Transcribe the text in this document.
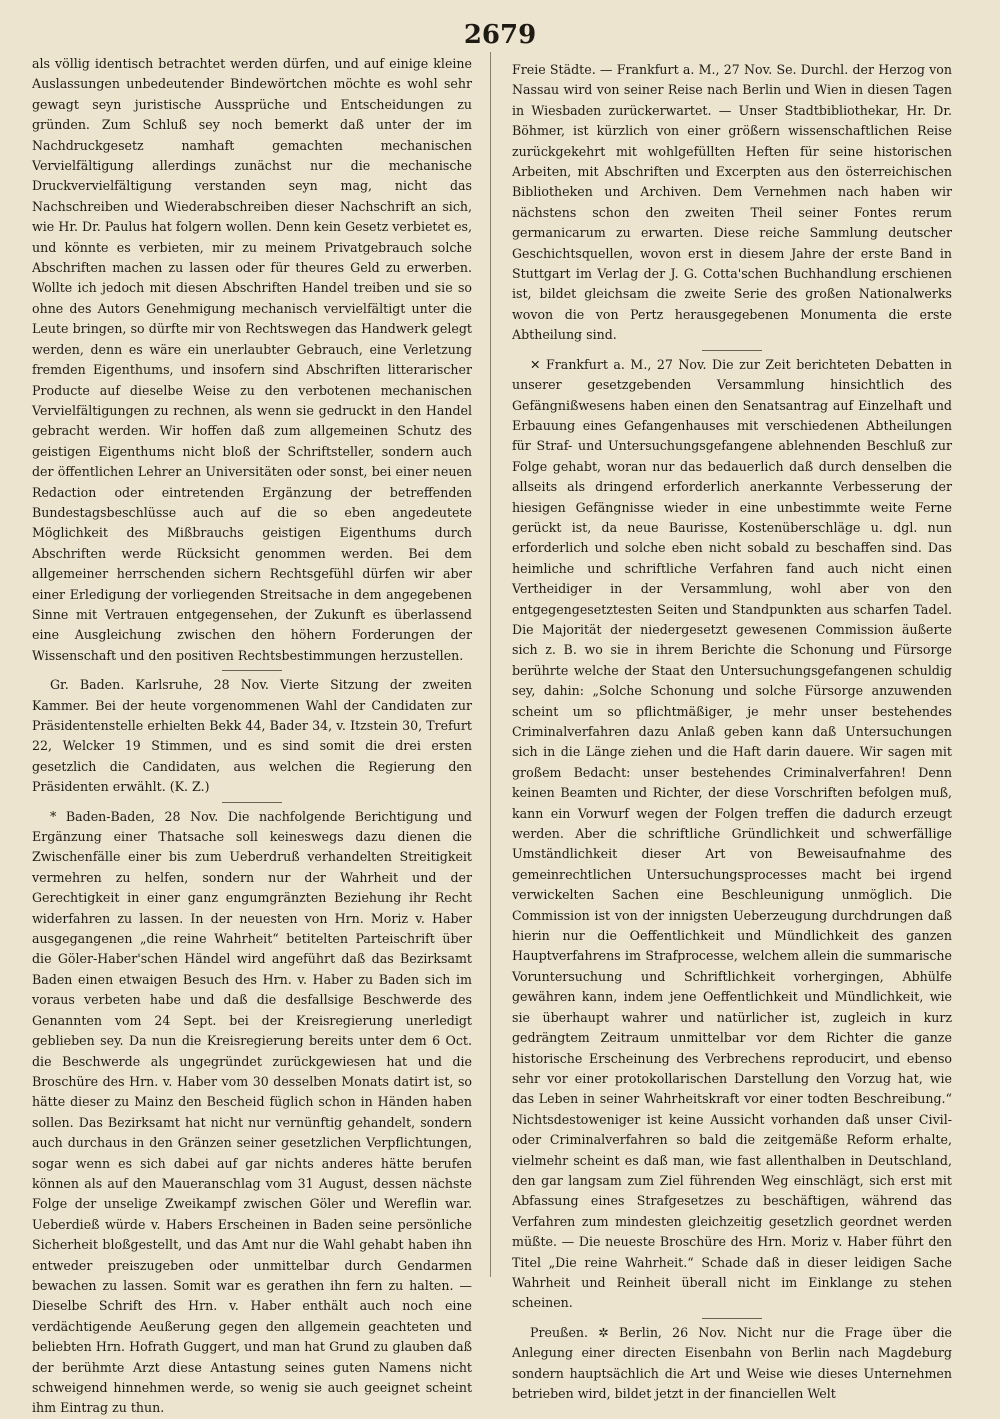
2679

als völlig identisch betrachtet werden dürfen, und auf einige kleine Auslassungen unbedeutender Bindewörtchen möchte es wohl sehr gewagt seyn juristische Aussprüche und Entscheidungen zu gründen. Zum Schluß sey noch bemerkt daß unter der im Nachdruckgesetz namhaft gemachten mechanischen Vervielfältigung allerdings zunächst nur die mechanische Druckvervielfältigung verstanden seyn mag, nicht das Nachschreiben und Wiederabschreiben dieser Nachschrift an sich, wie Hr. Dr. Paulus hat folgern wollen. Denn kein Gesetz verbietet es, und könnte es verbieten, mir zu meinem Privatgebrauch solche Abschriften machen zu lassen oder für theures Geld zu erwerben. Wollte ich jedoch mit diesen Abschriften Handel treiben und sie so ohne des Autors Genehmigung mechanisch vervielfältigt unter die Leute bringen, so dürfte mir von Rechtswegen das Handwerk gelegt werden, denn es wäre ein unerlaubter Gebrauch, eine Verletzung fremden Eigenthums, und insofern sind Abschriften litterarischer Producte auf dieselbe Weise zu den verbotenen mechanischen Vervielfältigungen zu rechnen, als wenn sie gedruckt in den Handel gebracht werden. Wir hoffen daß zum allgemeinen Schutz des geistigen Eigenthums nicht bloß der Schriftsteller, sondern auch der öffentlichen Lehrer an Universitäten oder sonst, bei einer neuen Redaction oder eintretenden Ergänzung der betreffenden Bundestagsbeschlüsse auch auf die so eben angedeutete Möglichkeit des Mißbrauchs geistigen Eigenthums durch Abschriften werde Rücksicht genommen werden. Bei dem allgemeiner herrschenden sichern Rechtsgefühl dürfen wir aber einer Erledigung der vorliegenden Streitsache in dem angegebenen Sinne mit Vertrauen entgegensehen, der Zukunft es überlassend eine Ausgleichung zwischen den höhern Forderungen der Wissenschaft und den positiven Rechtsbestimmungen herzustellen.

Gr. Baden. Karlsruhe, 28 Nov. Vierte Sitzung der zweiten Kammer. Bei der heute vorgenommenen Wahl der Candidaten zur Präsidentenstelle erhielten Bekk 44, Bader 34, v. Itzstein 30, Trefurt 22, Welcker 19 Stimmen, und es sind somit die drei ersten gesetzlich die Candidaten, aus welchen die Regierung den Präsidenten erwählt. (K. Z.)

* Baden-Baden, 28 Nov. Die nachfolgende Berichtigung und Ergänzung einer Thatsache soll keineswegs dazu dienen die Zwischenfälle einer bis zum Ueberdruß verhandelten Streitigkeit vermehren zu helfen, sondern nur der Wahrheit und der Gerechtigkeit in einer ganz engumgränzten Beziehung ihr Recht widerfahren zu lassen. In der neuesten von Hrn. Moriz v. Haber ausgegangenen „die reine Wahrheit“ betitelten Parteischrift über die Göler-Haber'schen Händel wird angeführt daß das Bezirksamt Baden einen etwaigen Besuch des Hrn. v. Haber zu Baden sich im voraus verbeten habe und daß die desfallsige Beschwerde des Genannten vom 24 Sept. bei der Kreisregierung unerledigt geblieben sey. Da nun die Kreisregierung bereits unter dem 6 Oct. die Beschwerde als ungegründet zurückgewiesen hat und die Broschüre des Hrn. v. Haber vom 30 desselben Monats datirt ist, so hätte dieser zu Mainz den Bescheid füglich schon in Händen haben sollen. Das Bezirksamt hat nicht nur vernünftig gehandelt, sondern auch durchaus in den Gränzen seiner gesetzlichen Verpflichtungen, sogar wenn es sich dabei auf gar nichts anderes hätte berufen können als auf den Maueranschlag vom 31 August, dessen nächste Folge der unselige Zweikampf zwischen Göler und Wereflin war. Ueberdieß würde v. Habers Erscheinen in Baden seine persönliche Sicherheit bloßgestellt, und das Amt nur die Wahl gehabt haben ihn entweder preiszugeben oder unmittelbar durch Gendarmen bewachen zu lassen. Somit war es gerathen ihn fern zu halten. — Dieselbe Schrift des Hrn. v. Haber enthält auch noch eine verdächtigende Aeußerung gegen den allgemein geachteten und beliebten Hrn. Hofrath Guggert, und man hat Grund zu glauben daß der berühmte Arzt diese Antastung seines guten Namens nicht schweigend hinnehmen werde, so wenig sie auch geeignet scheint ihm Eintrag zu thun.

Freie Städte. — Frankfurt a. M., 27 Nov. Se. Durchl. der Herzog von Nassau wird von seiner Reise nach Berlin und Wien in diesen Tagen in Wiesbaden zurückerwartet. — Unser Stadtbibliothekar, Hr. Dr. Böhmer, ist kürzlich von einer größern wissenschaftlichen Reise zurückgekehrt mit wohlgefüllten Heften für seine historischen Arbeiten, mit Abschriften und Excerpten aus den österreichischen Bibliotheken und Archiven. Dem Vernehmen nach haben wir nächstens schon den zweiten Theil seiner Fontes rerum germanicarum zu erwarten. Diese reiche Sammlung deutscher Geschichtsquellen, wovon erst in diesem Jahre der erste Band in Stuttgart im Verlag der J. G. Cotta'schen Buchhandlung erschienen ist, bildet gleichsam die zweite Serie des großen Nationalwerks wovon die von Pertz herausgegebenen Monumenta die erste Abtheilung sind.

✕ Frankfurt a. M., 27 Nov. Die zur Zeit berichteten Debatten in unserer gesetzgebenden Versammlung hinsichtlich des Gefängnißwesens haben einen den Senatsantrag auf Einzelhaft und Erbauung eines Gefangenhauses mit verschiedenen Abtheilungen für Straf- und Untersuchungsgefangene ablehnenden Beschluß zur Folge gehabt, woran nur das bedauerlich daß durch denselben die allseits als dringend erforderlich anerkannte Verbesserung der hiesigen Gefängnisse wieder in eine unbestimmte weite Ferne gerückt ist, da neue Baurisse, Kostenüberschläge u. dgl. nun erforderlich und solche eben nicht sobald zu beschaffen sind. Das heimliche und schriftliche Verfahren fand auch nicht einen Vertheidiger in der Versammlung, wohl aber von den entgegengesetztesten Seiten und Standpunkten aus scharfen Tadel. Die Majorität der niedergesetzt gewesenen Commission äußerte sich z. B. wo sie in ihrem Berichte die Schonung und Fürsorge berührte welche der Staat den Untersuchungsgefangenen schuldig sey, dahin: „Solche Schonung und solche Fürsorge anzuwenden scheint um so pflichtmäßiger, je mehr unser bestehendes Criminalverfahren dazu Anlaß geben kann daß Untersuchungen sich in die Länge ziehen und die Haft darin dauere. Wir sagen mit großem Bedacht: unser bestehendes Criminalverfahren! Denn keinen Beamten und Richter, der diese Vorschriften befolgen muß, kann ein Vorwurf wegen der Folgen treffen die dadurch erzeugt werden. Aber die schriftliche Gründlichkeit und schwerfällige Umständlichkeit dieser Art von Beweisaufnahme des gemeinrechtlichen Untersuchungsprocesses macht bei irgend verwickelten Sachen eine Beschleunigung unmöglich. Die Commission ist von der innigsten Ueberzeugung durchdrungen daß hierin nur die Oeffentlichkeit und Mündlichkeit des ganzen Hauptverfahrens im Strafprocesse, welchem allein die summarische Voruntersuchung und Schriftlichkeit vorhergingen, Abhülfe gewähren kann, indem jene Oeffentlichkeit und Mündlichkeit, wie sie überhaupt wahrer und natürlicher ist, zugleich in kurz gedrängtem Zeitraum unmittelbar vor dem Richter die ganze historische Erscheinung des Verbrechens reproducirt, und ebenso sehr vor einer protokollarischen Darstellung den Vorzug hat, wie das Leben in seiner Wahrheitskraft vor einer todten Beschreibung.“ Nichtsdestoweniger ist keine Aussicht vorhanden daß unser Civil- oder Criminalverfahren so bald die zeitgemäße Reform erhalte, vielmehr scheint es daß man, wie fast allenthalben in Deutschland, den gar langsam zum Ziel führenden Weg einschlägt, sich erst mit Abfassung eines Strafgesetzes zu beschäftigen, während das Verfahren zum mindesten gleichzeitig gesetzlich geordnet werden müßte. — Die neueste Broschüre des Hrn. Moriz v. Haber führt den Titel „Die reine Wahrheit.“ Schade daß in dieser leidigen Sache Wahrheit und Reinheit überall nicht im Einklange zu stehen scheinen.

Preußen. ✲ Berlin, 26 Nov. Nicht nur die Frage über die Anlegung einer directen Eisenbahn von Berlin nach Magdeburg sondern hauptsächlich die Art und Weise wie dieses Unternehmen betrieben wird, bildet jetzt in der financiellen Welt
